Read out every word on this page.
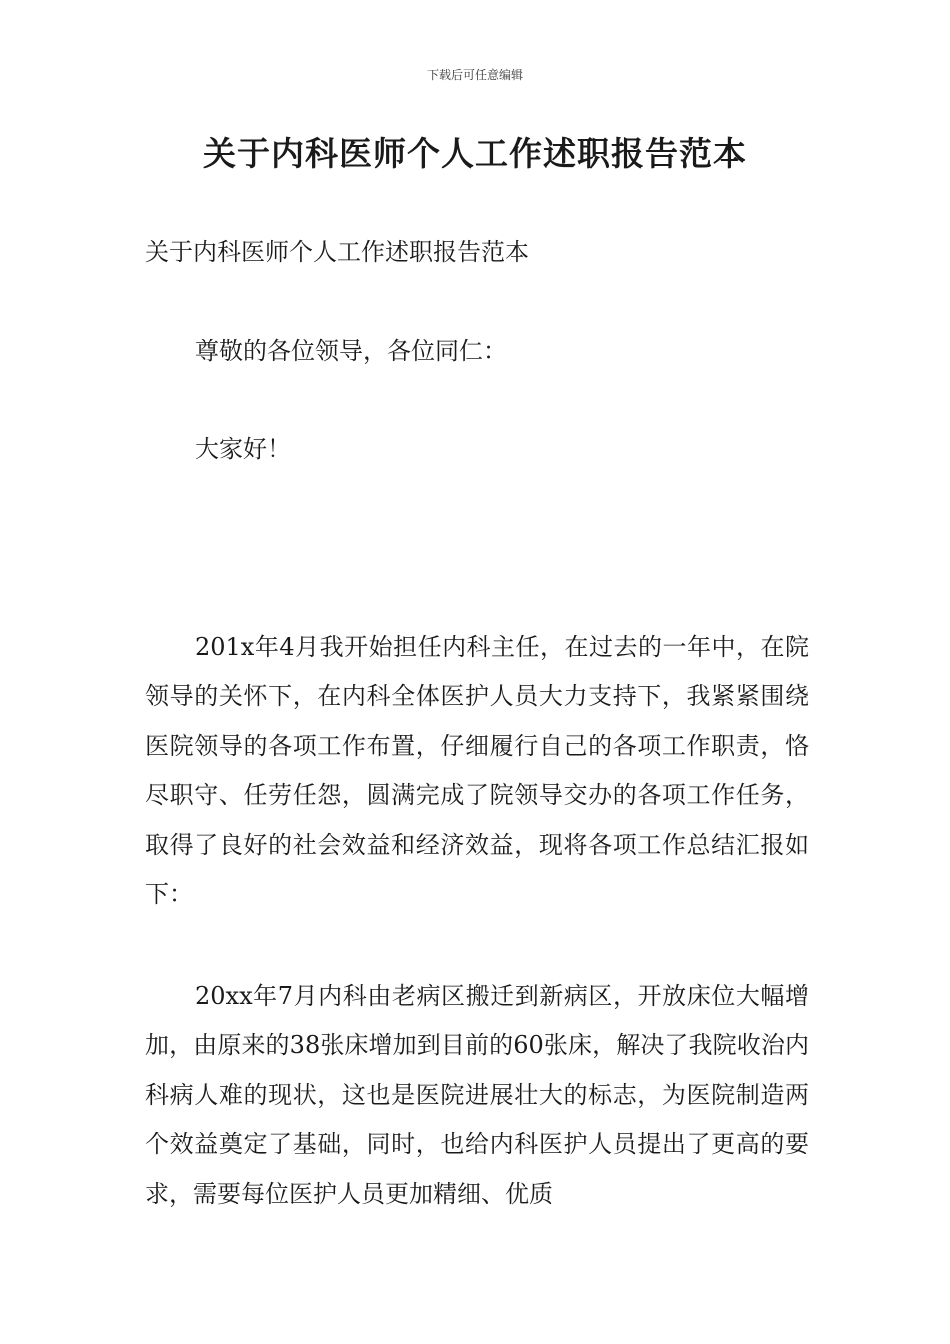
下载后可任意编辑
关于内科医师个人工作述职报告范本

关于内科医师个人工作述职报告范本

尊敬的各位领导，各位同仁：

大家好！

201x年4月我开始担任内科主任，在过去的一年中，在院领导的关怀下，在内科全体医护人员大力支持下，我紧紧围绕医院领导的各项工作布置，仔细履行自己的各项工作职责，恪尽职守、任劳任怨，圆满完成了院领导交办的各项工作任务，取得了良好的社会效益和经济效益，现将各项工作总结汇报如下：

20xx年7月内科由老病区搬迁到新病区，开放床位大幅增加，由原来的38张床增加到目前的60张床，解决了我院收治内科病人难的现状，这也是医院进展壮大的标志，为医院制造两个效益奠定了基础，同时，也给内科医护人员提出了更高的要求，需要每位医护人员更加精细、优质
